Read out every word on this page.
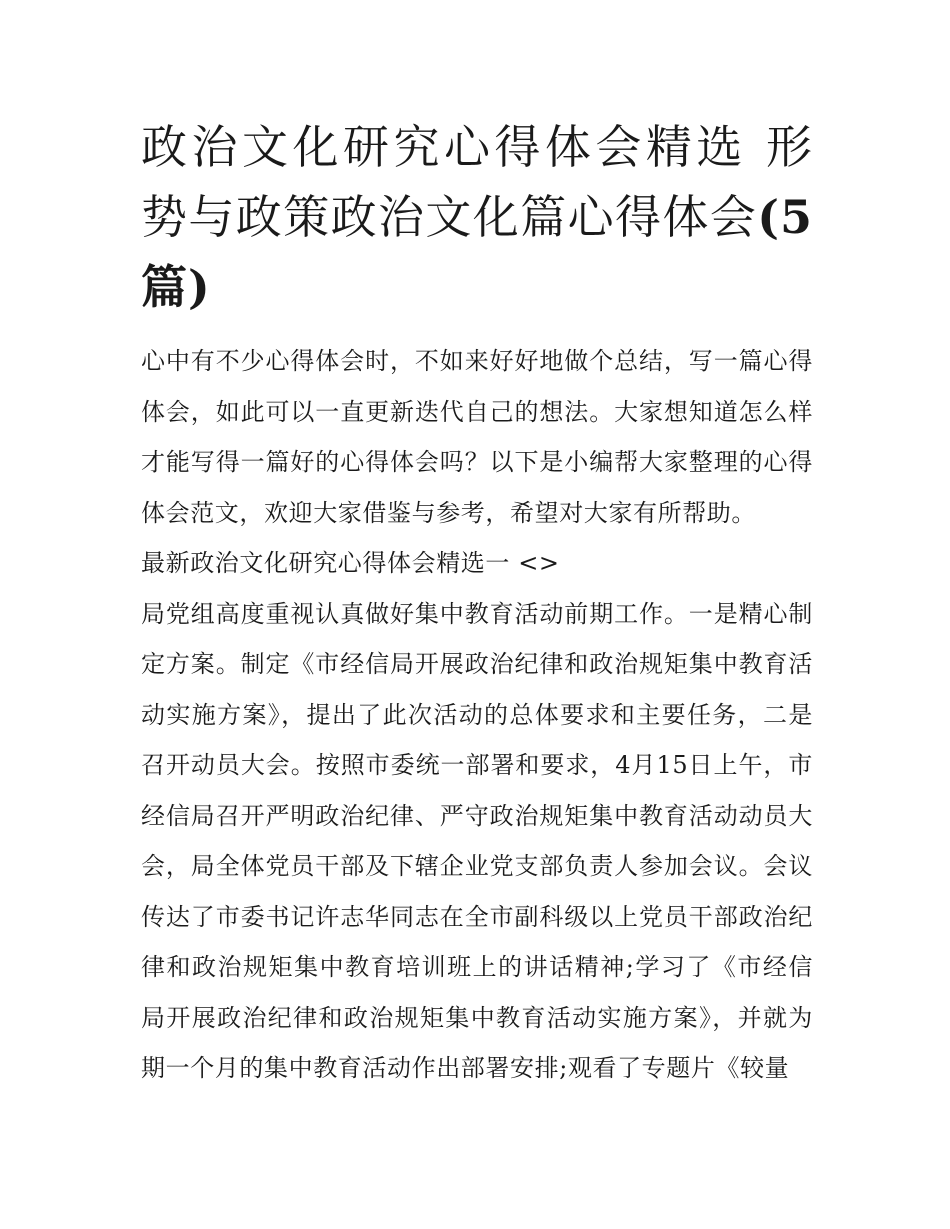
政治文化研究心得体会精选 形势与政策政治文化篇心得体会(5篇)

心中有不少心得体会时，不如来好好地做个总结，写一篇心得体会，如此可以一直更新迭代自己的想法。大家想知道怎么样才能写得一篇好的心得体会吗？以下是小编帮大家整理的心得体会范文，欢迎大家借鉴与参考，希望对大家有所帮助。

最新政治文化研究心得体会精选一 <>

局党组高度重视认真做好集中教育活动前期工作。一是精心制定方案。制定《市经信局开展政治纪律和政治规矩集中教育活动实施方案》，提出了此次活动的总体要求和主要任务，二是召开动员大会。按照市委统一部署和要求，4月15日上午，市经信局召开严明政治纪律、严守政治规矩集中教育活动动员大会，局全体党员干部及下辖企业党支部负责人参加会议。会议传达了市委书记许志华同志在全市副科级以上党员干部政治纪律和政治规矩集中教育培训班上的讲话精神;学习了《市经信局开展政治纪律和政治规矩集中教育活动实施方案》，并就为期一个月的集中教育活动作出部署安排;观看了专题片《较量
